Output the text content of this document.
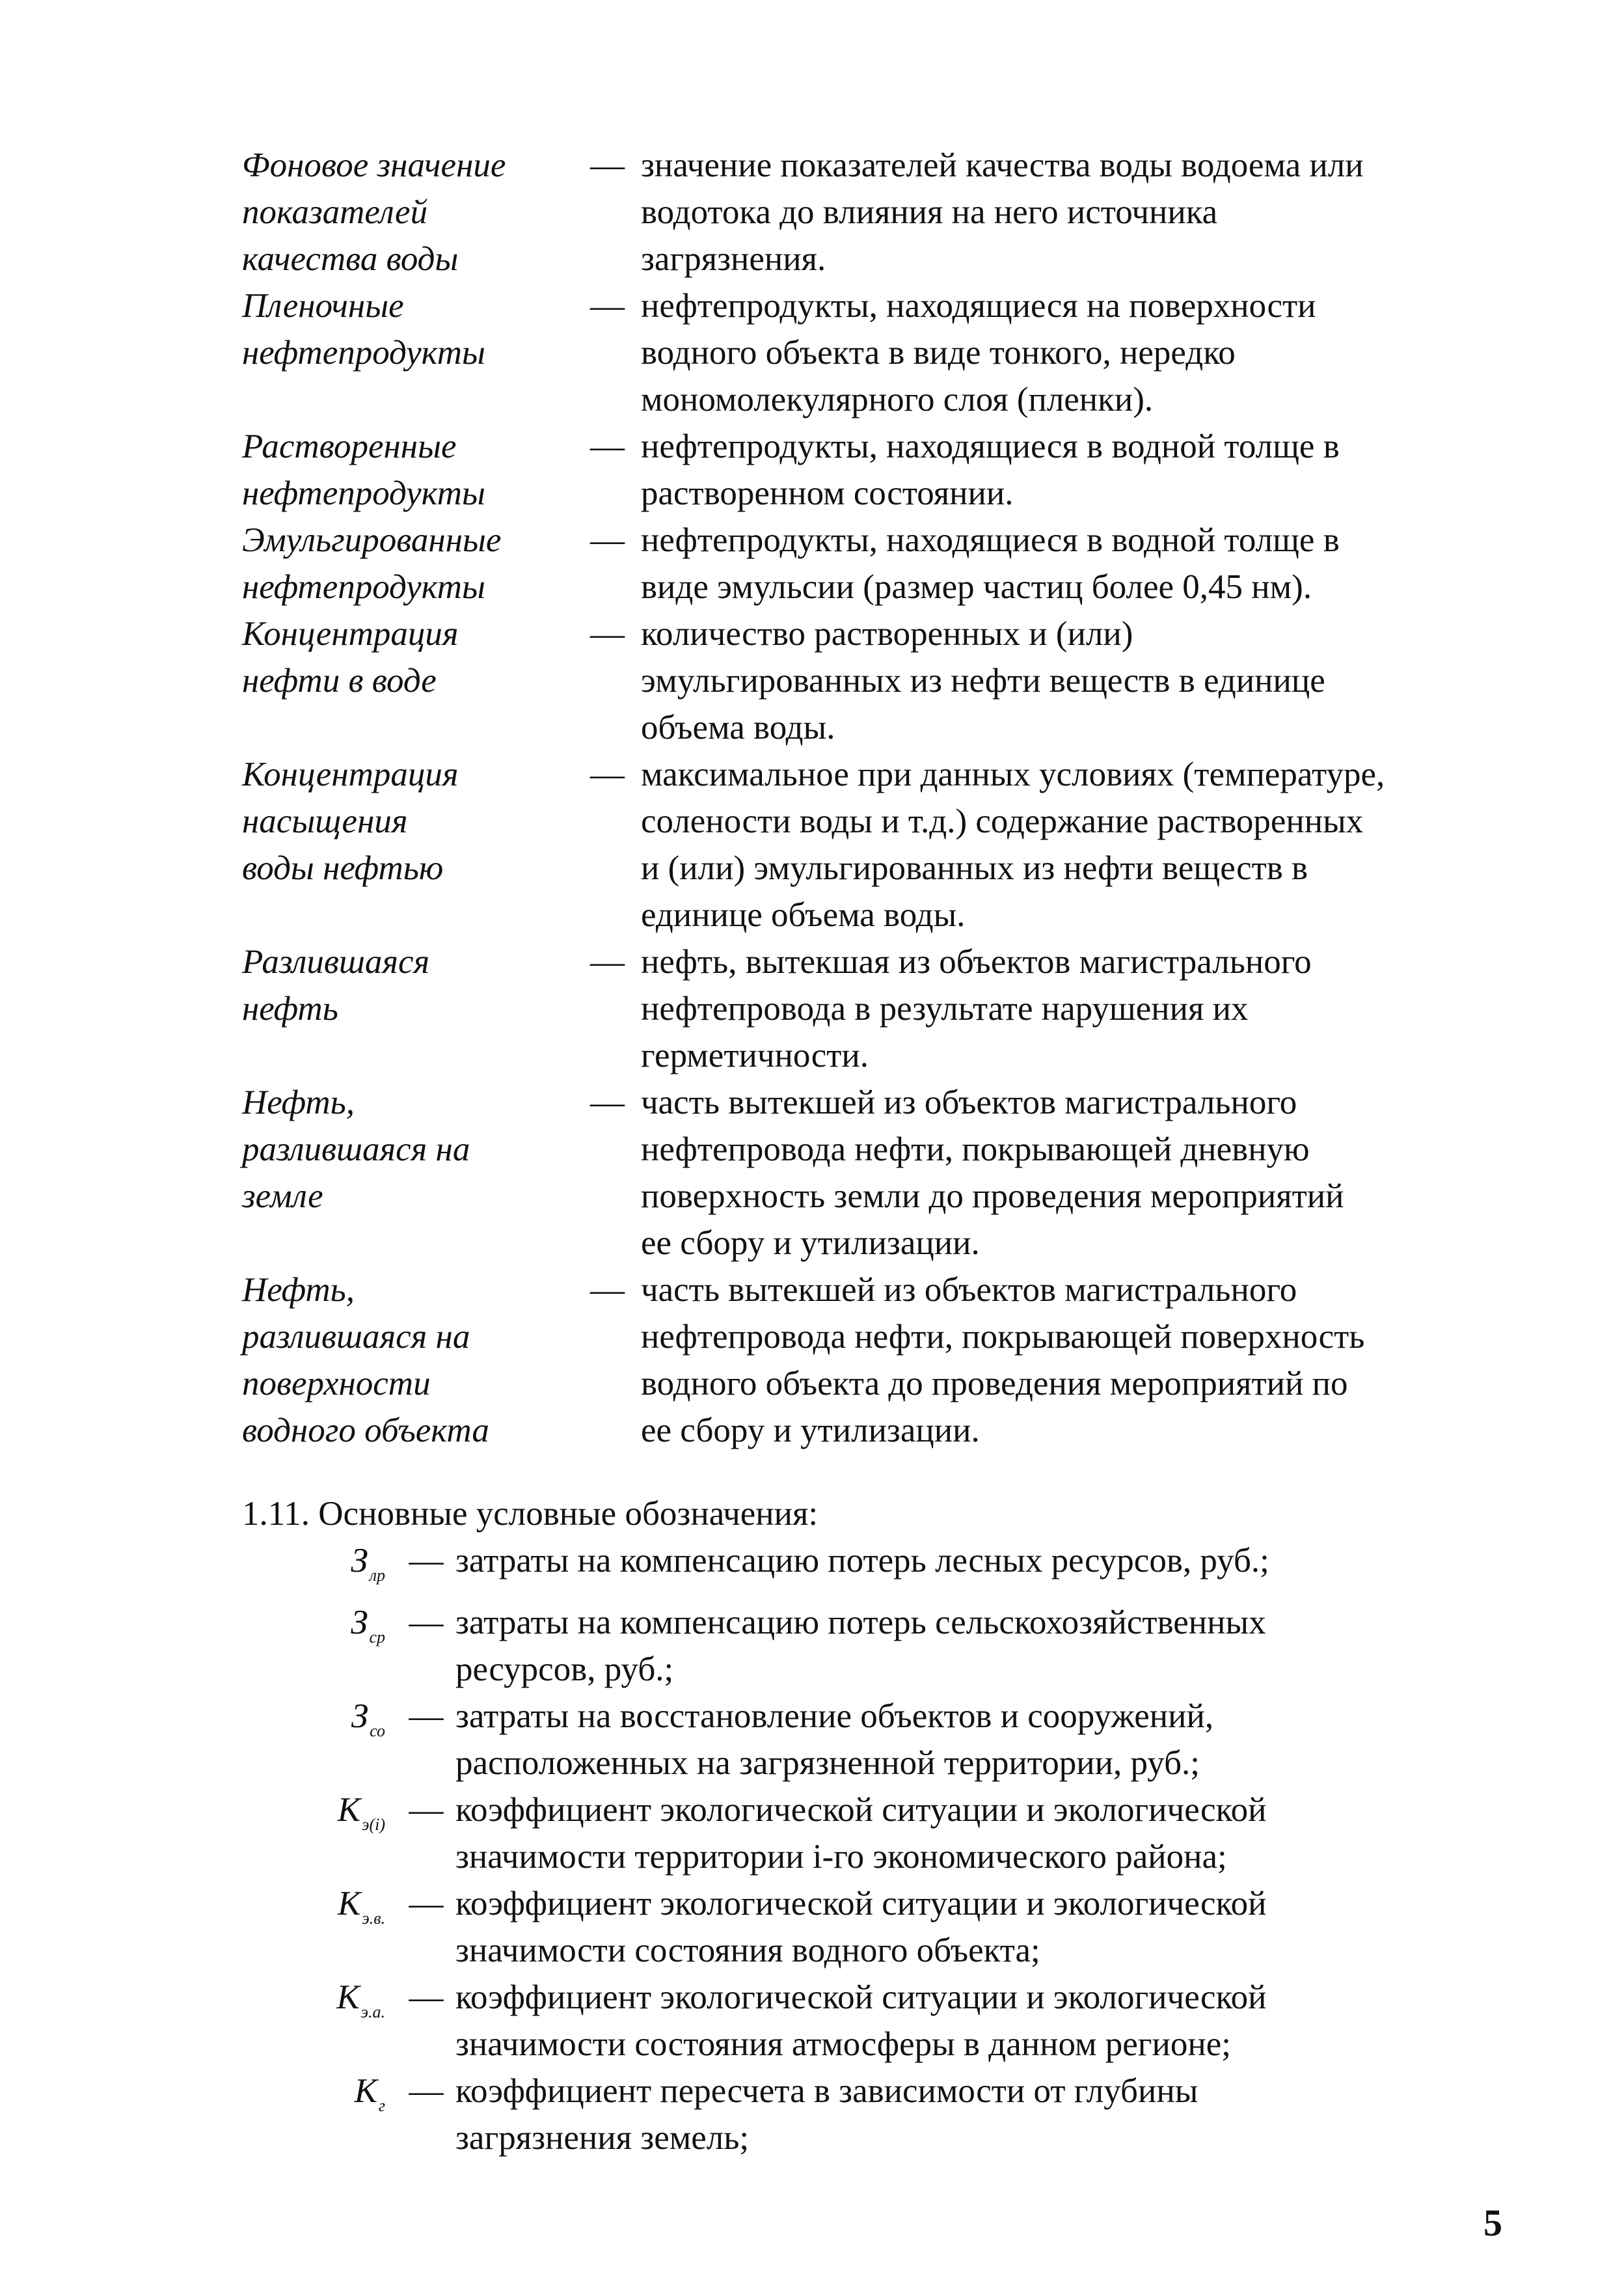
Фоновое значение
показателей
качества воды
— значение показателей качества воды водоема или
водотока до влияния на него источника
загрязнения.
Пленочные
нефтепродукты
— нефтепродукты, находящиеся на поверхности
водного объекта в виде тонкого, нередко
мономолекулярного слоя (пленки).
Растворенные
нефтепродукты
— нефтепродукты, находящиеся в водной толще в
растворенном состоянии.
Эмульгированные
нефтепродукты
— нефтепродукты, находящиеся в водной толще в
виде эмульсии (размер частиц более 0,45 нм).
Концентрация
нефти в воде
— количество растворенных и (или)
эмульгированных из нефти веществ в единице
объема воды.
Концентрация
насыщения
воды нефтью
— максимальное при данных условиях (температуре,
солености воды и т.д.) содержание растворенных
и (или) эмульгированных из нефти веществ в
единице объема воды.
Разлившаяся
нефть
— нефть, вытекшая из объектов магистрального
нефтепровода в результате нарушения их
герметичности.
Нефть,
разлившаяся на
земле
— часть вытекшей из объектов магистрального
нефтепровода нефти, покрывающей дневную
поверхность земли до проведения мероприятий
ее сбору и утилизации.
Нефть,
разлившаяся на
поверхности
водного объекта
— часть вытекшей из объектов магистрального
нефтепровода нефти, покрывающей поверхность
водного объекта до проведения мероприятий по
ее сбору и утилизации.
1.11. Основные условные обозначения:
$З_{лр}$ — затраты на компенсацию потерь лесных ресурсов, руб.;
$З_{ср}$ — затраты на компенсацию потерь сельскохозяйственных
ресурсов, руб.;
$З_{со}$ — затраты на восстановление объектов и сооружений,
расположенных на загрязненной территории, руб.;
$К_{э(i)}$ — коэффициент экологической ситуации и экологической
значимости территории i-го экономического района;
$К_{э.в.}$ — коэффициент экологической ситуации и экологической
значимости состояния водного объекта;
$К_{э.а.}$ — коэффициент экологической ситуации и экологической
значимости состояния атмосферы в данном регионе;
$К_г$ — коэффициент пересчета в зависимости от глубины
загрязнения земель;
5
